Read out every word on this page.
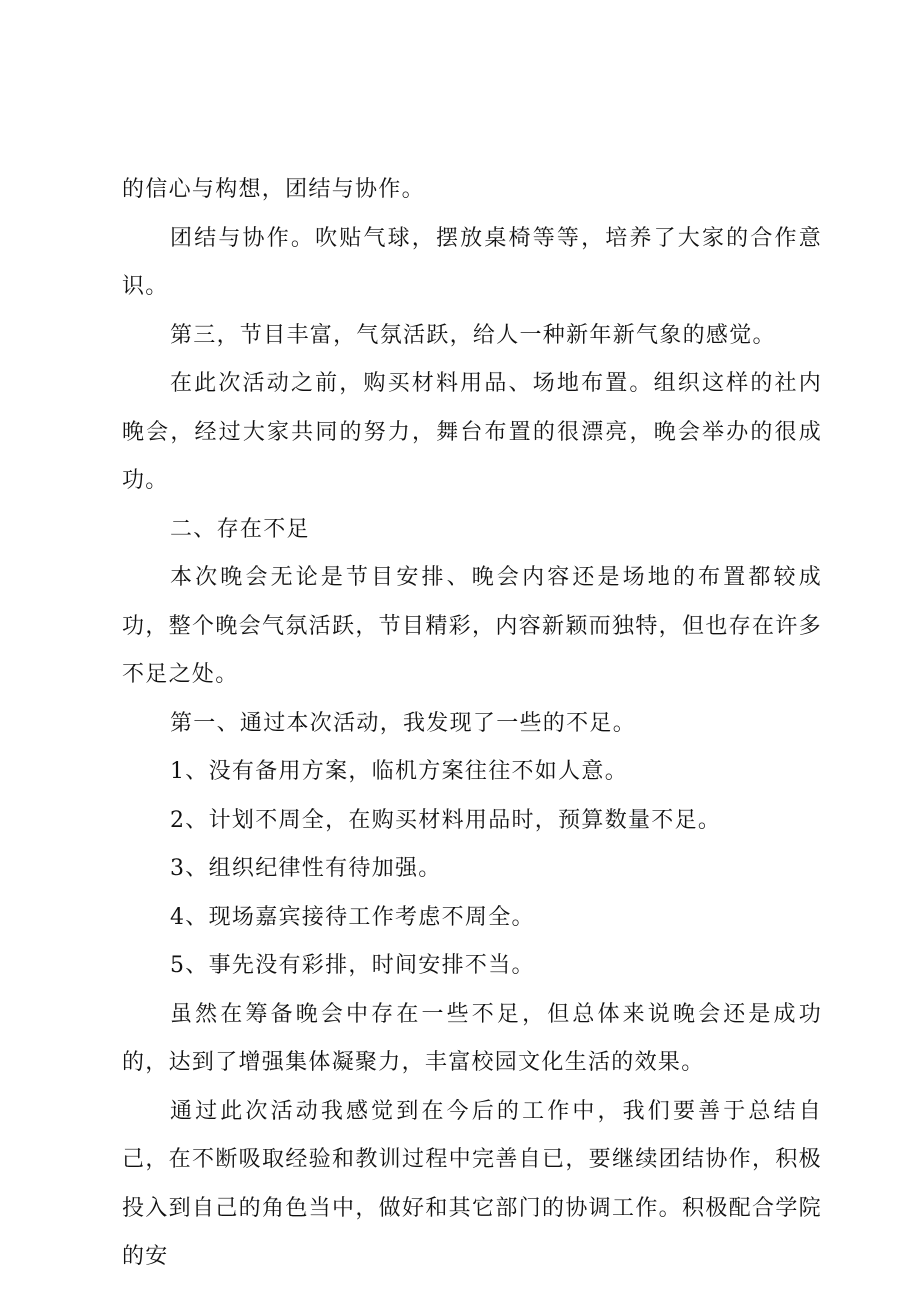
的信心与构想，团结与协作。

团结与协作。吹贴气球，摆放桌椅等等，培养了大家的合作意识。

第三，节目丰富，气氛活跃，给人一种新年新气象的感觉。

在此次活动之前，购买材料用品、场地布置。组织这样的社内晚会，经过大家共同的努力，舞台布置的很漂亮，晚会举办的很成功。

二、存在不足

本次晚会无论是节目安排、晚会内容还是场地的布置都较成功，整个晚会气氛活跃，节目精彩，内容新颖而独特，但也存在许多不足之处。

第一、通过本次活动，我发现了一些的不足。

1、没有备用方案，临机方案往往不如人意。

2、计划不周全，在购买材料用品时，预算数量不足。

3、组织纪律性有待加强。

4、现场嘉宾接待工作考虑不周全。

5、事先没有彩排，时间安排不当。

虽然在筹备晚会中存在一些不足，但总体来说晚会还是成功的，达到了增强集体凝聚力，丰富校园文化生活的效果。

通过此次活动我感觉到在今后的工作中，我们要善于总结自己，在不断吸取经验和教训过程中完善自已，要继续团结协作，积极投入到自己的角色当中，做好和其它部门的协调工作。积极配合学院的安
